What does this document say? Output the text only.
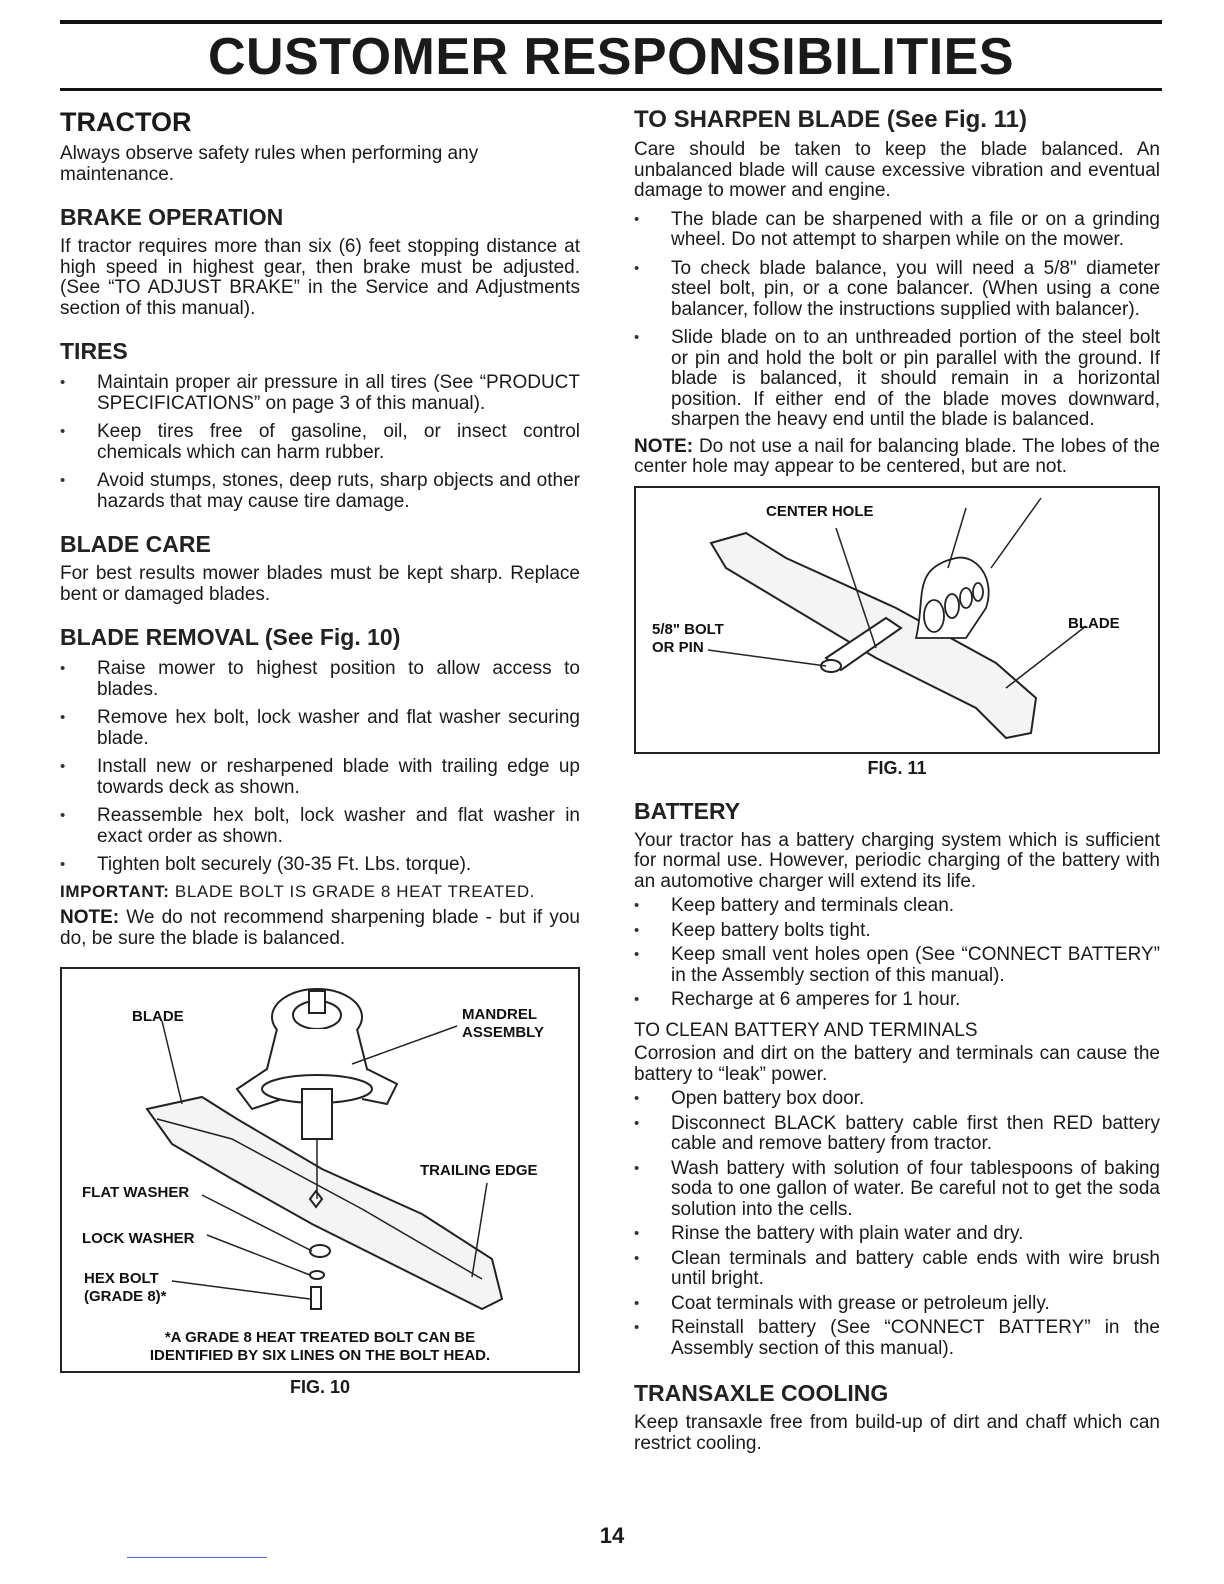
CUSTOMER RESPONSIBILITIES
TRACTOR

Always observe safety rules when performing any maintenance.

BRAKE OPERATION

If tractor requires more than six (6) feet stopping distance at high speed in highest gear, then brake must be adjusted. (See “TO ADJUST BRAKE” in the Service and Adjustments section of this manual).

TIRES
• Maintain proper air pressure in all tires (See “PRODUCT SPECIFICATIONS” on page 3 of this manual).
• Keep tires free of gasoline, oil, or insect control chemicals which can harm rubber.
• Avoid stumps, stones, deep ruts, sharp objects and other hazards that may cause tire damage.
BLADE CARE

For best results mower blades must be kept sharp. Replace bent or damaged blades.

BLADE REMOVAL (See Fig. 10)
• Raise mower to highest position to allow access to blades.
• Remove hex bolt, lock washer and flat washer securing blade.
• Install new or resharpened blade with trailing edge up towards deck as shown.
• Reassemble hex bolt, lock washer and flat washer in exact order as shown.
• Tighten bolt securely (30-35 Ft. Lbs. torque).

IMPORTANT: BLADE BOLT IS GRADE 8 HEAT TREATED.

NOTE: We do not recommend sharpening blade - but if you do, be sure the blade is balanced.

BLADE	MANDREL
ASSEMBLY
TRAILING EDGE
FLAT WASHER
LOCK WASHER
HEX BOLT
(GRADE 8)*
*A GRADE 8 HEAT TREATED BOLT CAN BE
IDENTIFIED BY SIX LINES ON THE BOLT HEAD.
FIG. 10
TO SHARPEN BLADE (See Fig. 11)

Care should be taken to keep the blade balanced. An unbalanced blade will cause excessive vibration and eventual damage to mower and engine.

• The blade can be sharpened with a file or on a grinding wheel. Do not attempt to sharpen while on the mower.
• To check blade balance, you will need a 5/8" diameter steel bolt, pin, or a cone balancer. (When using a cone balancer, follow the instructions supplied with balancer).
• Slide blade on to an unthreaded portion of the steel bolt or pin and hold the bolt or pin parallel with the ground. If blade is balanced, it should remain in a horizontal position. If either end of the blade moves downward, sharpen the heavy end until the blade is balanced.

NOTE: Do not use a nail for balancing blade. The lobes of the center hole may appear to be centered, but are not.

CENTER HOLE
5/8" BOLT
OR PIN
BLADE
FIG. 11
BATTERY

Your tractor has a battery charging system which is sufficient for normal use. However, periodic charging of the battery with an automotive charger will extend its life.

• Keep battery and terminals clean.
• Keep battery bolts tight.
• Keep small vent holes open (See “CONNECT BATTERY” in the Assembly section of this manual).
• Recharge at 6 amperes for 1 hour.

TO CLEAN BATTERY AND TERMINALS

Corrosion and dirt on the battery and terminals can cause the battery to “leak” power.

• Open battery box door.
• Disconnect BLACK battery cable first then RED battery cable and remove battery from tractor.
• Wash battery with solution of four tablespoons of baking soda to one gallon of water. Be careful not to get the soda solution into the cells.
• Rinse the battery with plain water and dry.
• Clean terminals and battery cable ends with wire brush until bright.
• Coat terminals with grease or petroleum jelly.
• Reinstall battery (See “CONNECT BATTERY” in the Assembly section of this manual).
TRANSAXLE COOLING

Keep transaxle free from build-up of dirt and chaff which can restrict cooling.

14
